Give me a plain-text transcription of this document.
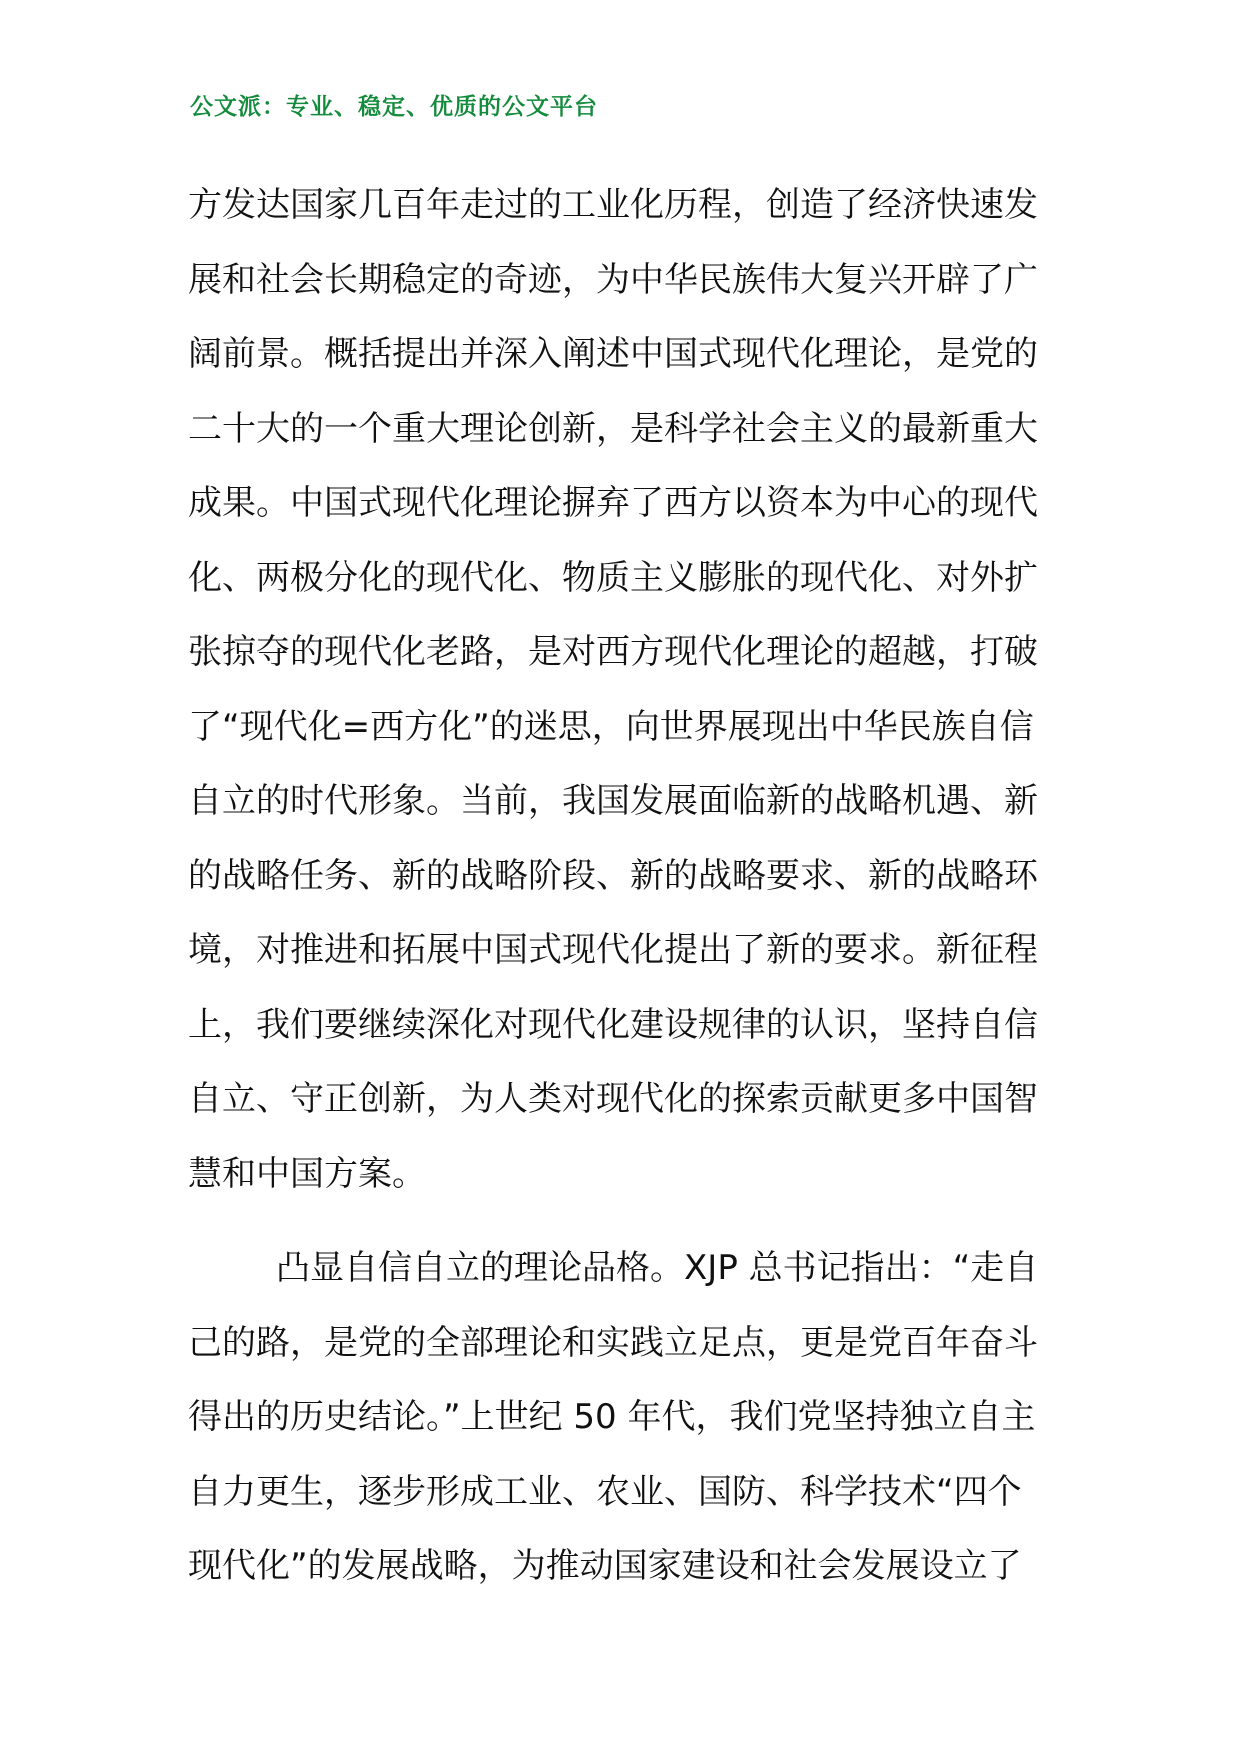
公文派：专业、稳定、优质的公文平台
方发达国家几百年走过的工业化历程，创造了经济快速发
展和社会长期稳定的奇迹，为中华民族伟大复兴开辟了广
阔前景。概括提出并深入阐述中国式现代化理论，是党的
二十大的一个重大理论创新，是科学社会主义的最新重大
成果。中国式现代化理论摒弃了西方以资本为中心的现代
化、两极分化的现代化、物质主义膨胀的现代化、对外扩
张掠夺的现代化老路，是对西方现代化理论的超越，打破
了“现代化=西方化”的迷思，向世界展现出中华民族自信
自立的时代形象。当前，我国发展面临新的战略机遇、新
的战略任务、新的战略阶段、新的战略要求、新的战略环
境，对推进和拓展中国式现代化提出了新的要求。新征程
上，我们要继续深化对现代化建设规律的认识，坚持自信
自立、守正创新，为人类对现代化的探索贡献更多中国智
慧和中国方案。
凸显自信自立的理论品格。XJP 总书记指出：“走自
己的路，是党的全部理论和实践立足点，更是党百年奋斗
得出的历史结论。”上世纪 50 年代，我们党坚持独立自主
自力更生，逐步形成工业、农业、国防、科学技术“四个
现代化”的发展战略，为推动国家建设和社会发展设立了
